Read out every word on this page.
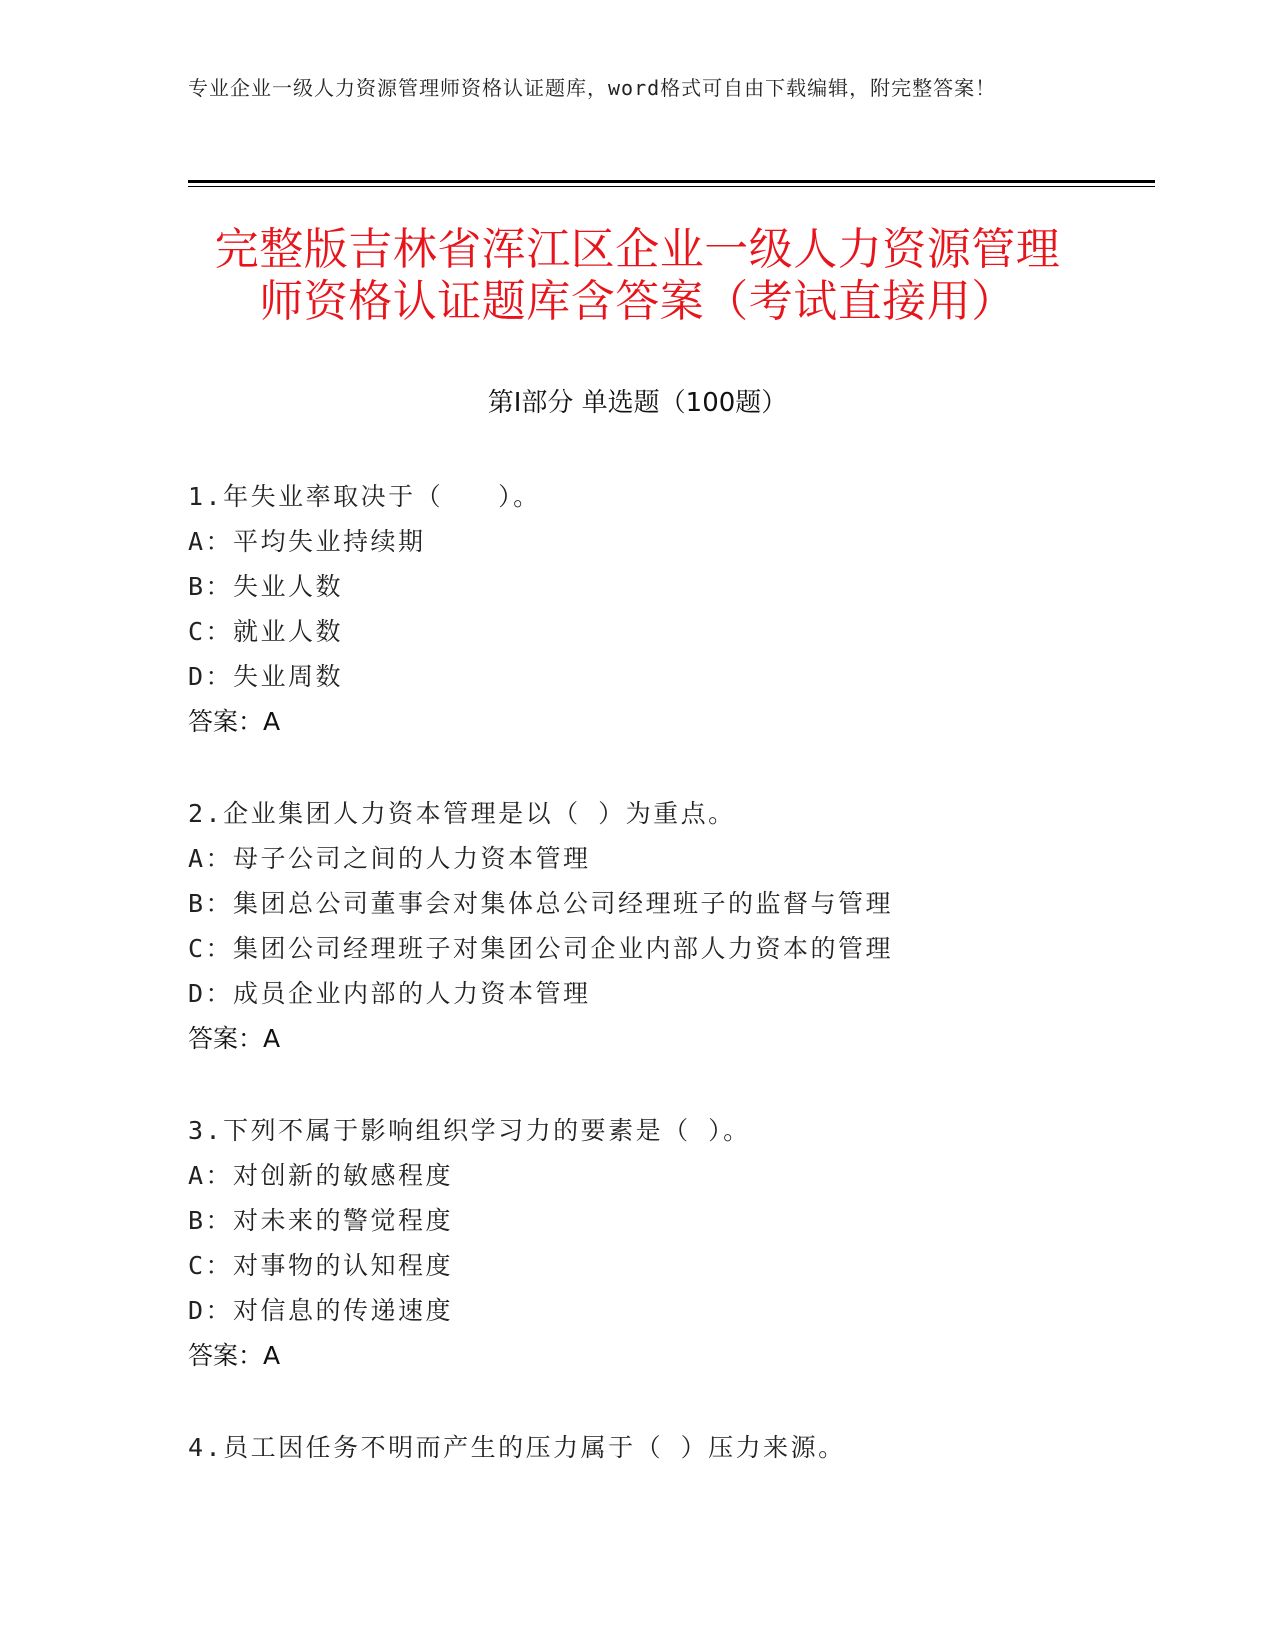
专业企业一级人力资源管理师资格认证题库，word格式可自由下载编辑，附完整答案！
完整版吉林省浑江区企业一级人力资源管理
师资格认证题库含答案（考试直接用）
第Ⅰ部分 单选题（100题）
1.年失业率取决于（　　）。
A：平均失业持续期
B：失业人数
C：就业人数
D：失业周数
答案：A
2.企业集团人力资本管理是以（ ）为重点。
A：母子公司之间的人力资本管理
B：集团总公司董事会对集体总公司经理班子的监督与管理
C：集团公司经理班子对集团公司企业内部人力资本的管理
D：成员企业内部的人力资本管理
答案：A
3.下列不属于影响组织学习力的要素是（ ）。
A：对创新的敏感程度
B：对未来的警觉程度
C：对事物的认知程度
D：对信息的传递速度
答案：A
4.员工因任务不明而产生的压力属于（ ）压力来源。
